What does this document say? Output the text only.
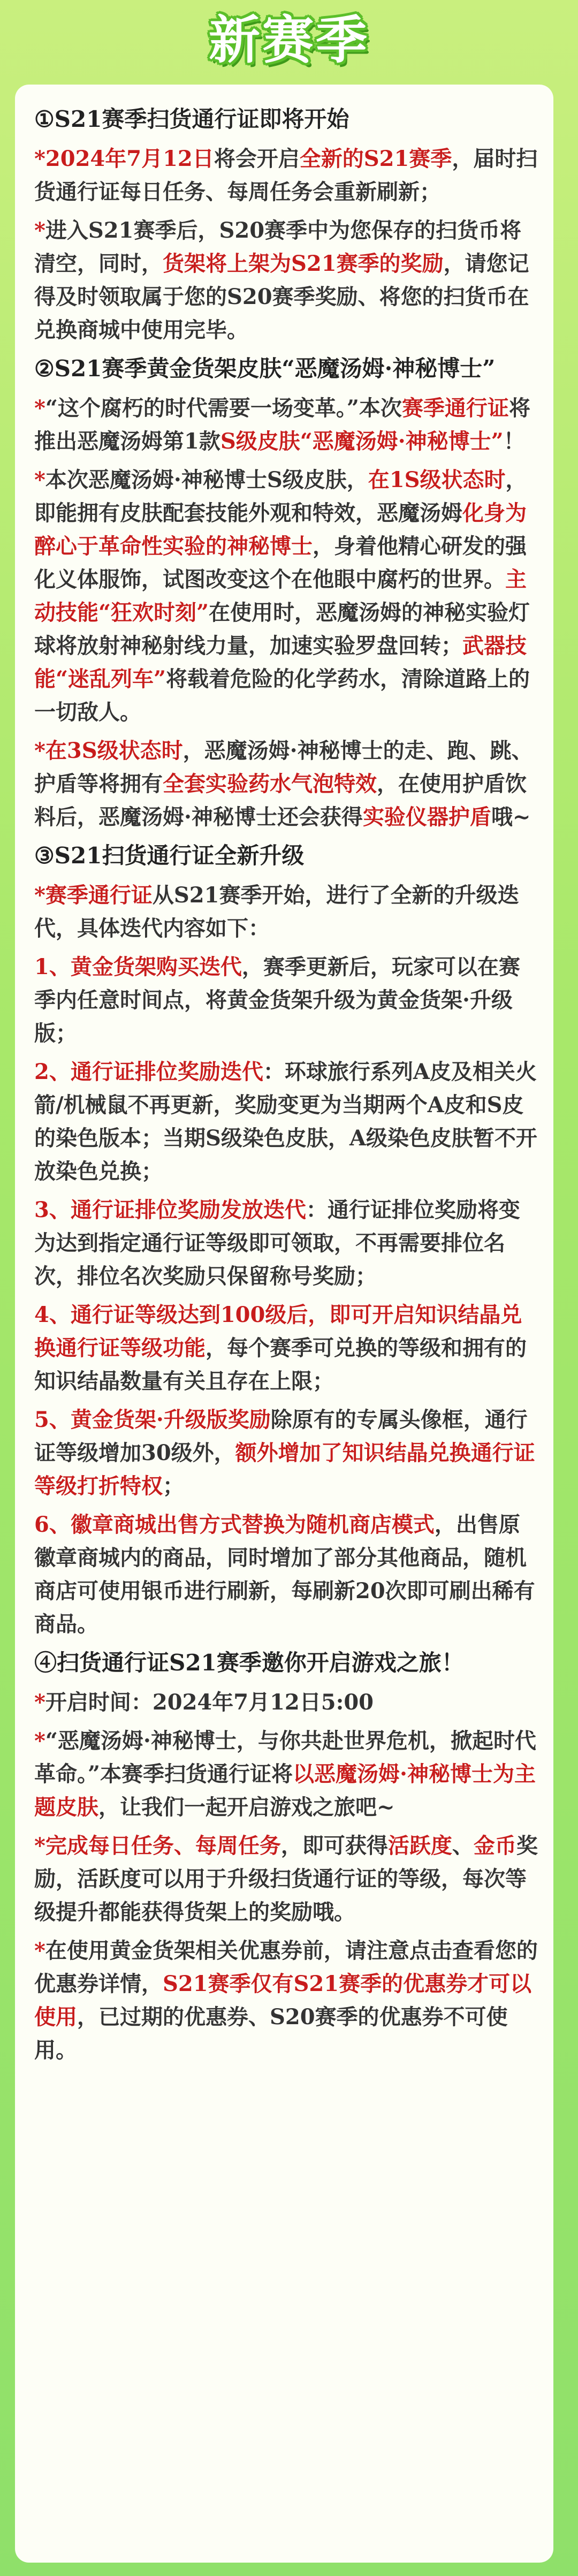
新赛季
①S21赛季扫货通行证即将开始
*2024年7月12日将会开启全新的S21赛季，届时扫货通行证每日任务、每周任务会重新刷新；
*进入S21赛季后，S20赛季中为您保存的扫货币将清空，同时，货架将上架为S21赛季的奖励，请您记得及时领取属于您的S20赛季奖励、将您的扫货币在兑换商城中使用完毕。
②S21赛季黄金货架皮肤“恶魔汤姆·神秘博士”
*“这个腐朽的时代需要一场变革。”本次赛季通行证将推出恶魔汤姆第1款S级皮肤“恶魔汤姆·神秘博士”！
*本次恶魔汤姆·神秘博士S级皮肤，在1S级状态时，即能拥有皮肤配套技能外观和特效，恶魔汤姆化身为醉心于革命性实验的神秘博士，身着他精心研发的强化义体服饰，试图改变这个在他眼中腐朽的世界。主动技能“狂欢时刻”在使用时，恶魔汤姆的神秘实验灯球将放射神秘射线力量，加速实验罗盘回转；武器技能“迷乱列车”将载着危险的化学药水，清除道路上的一切敌人。
*在3S级状态时，恶魔汤姆·神秘博士的走、跑、跳、护盾等将拥有全套实验药水气泡特效，在使用护盾饮料后，恶魔汤姆·神秘博士还会获得实验仪器护盾哦~
③S21扫货通行证全新升级
*赛季通行证从S21赛季开始，进行了全新的升级迭代，具体迭代内容如下：
1、黄金货架购买迭代，赛季更新后，玩家可以在赛季内任意时间点，将黄金货架升级为黄金货架·升级版；
2、通行证排位奖励迭代：环球旅行系列A皮及相关火箭/机械鼠不再更新，奖励变更为当期两个A皮和S皮的染色版本；当期S级染色皮肤，A级染色皮肤暂不开放染色兑换；
3、通行证排位奖励发放迭代：通行证排位奖励将变为达到指定通行证等级即可领取，不再需要排位名次，排位名次奖励只保留称号奖励；
4、通行证等级达到100级后，即可开启知识结晶兑换通行证等级功能，每个赛季可兑换的等级和拥有的知识结晶数量有关且存在上限；
5、黄金货架·升级版奖励除原有的专属头像框，通行证等级增加30级外，额外增加了知识结晶兑换通行证等级打折特权；
6、徽章商城出售方式替换为随机商店模式，出售原徽章商城内的商品，同时增加了部分其他商品，随机商店可使用银币进行刷新，每刷新20次即可刷出稀有商品。
④扫货通行证S21赛季邀你开启游戏之旅！
*开启时间：2024年7月12日5:00
*“恶魔汤姆·神秘博士，与你共赴世界危机，掀起时代革命。”本赛季扫货通行证将以恶魔汤姆·神秘博士为主题皮肤，让我们一起开启游戏之旅吧~
*完成每日任务、每周任务，即可获得活跃度、金币奖励，活跃度可以用于升级扫货通行证的等级，每次等级提升都能获得货架上的奖励哦。
*在使用黄金货架相关优惠券前，请注意点击查看您的优惠券详情，S21赛季仅有S21赛季的优惠券才可以使用，已过期的优惠券、S20赛季的优惠券不可使用。
